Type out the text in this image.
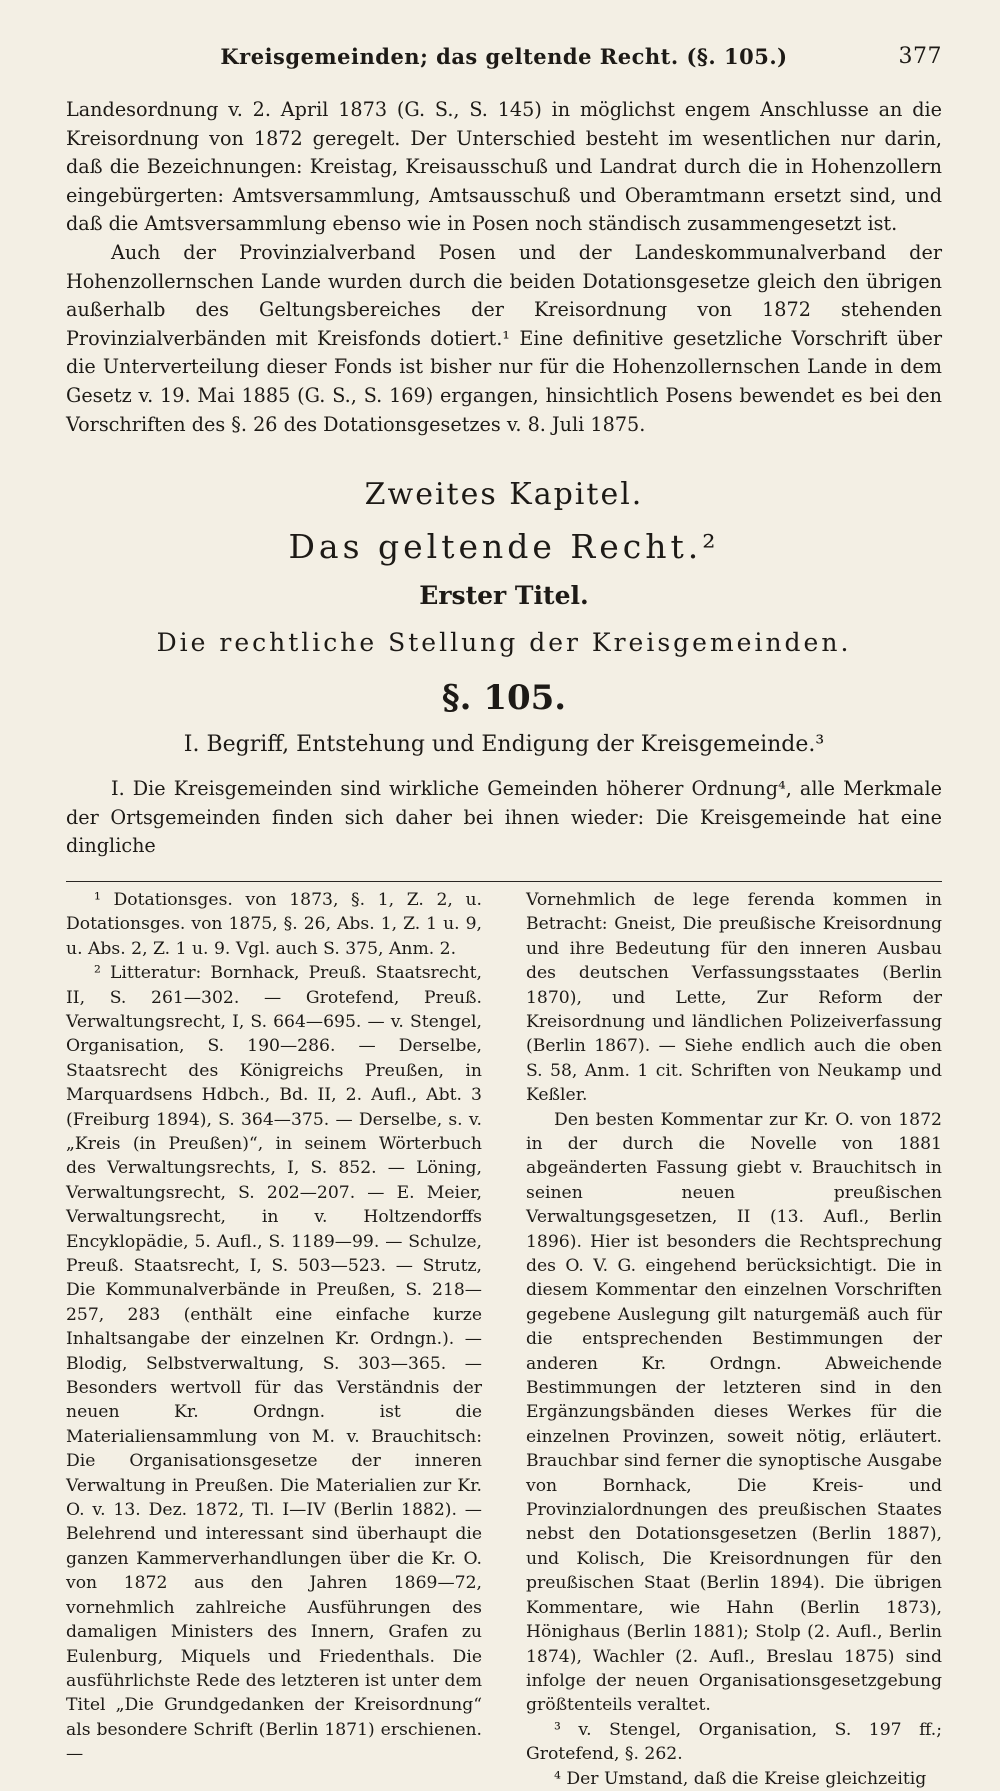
Kreisgemeinden; das geltende Recht. (§. 105.)	377

Landesordnung v. 2. April 1873 (G. S., S. 145) in möglichst engem Anschlusse an die Kreisordnung von 1872 geregelt. Der Unterschied besteht im wesentlichen nur darin, daß die Bezeichnungen: Kreistag, Kreisausschuß und Landrat durch die in Hohenzollern eingebürgerten: Amtsversammlung, Amtsausschuß und Oberamtmann ersetzt sind, und daß die Amtsversammlung ebenso wie in Posen noch ständisch zusammengesetzt ist.

Auch der Provinzialverband Posen und der Landeskommunalverband der Hohenzollernschen Lande wurden durch die beiden Dotationsgesetze gleich den übrigen außerhalb des Geltungsbereiches der Kreisordnung von 1872 stehenden Provinzialverbänden mit Kreisfonds dotiert.¹ Eine definitive gesetzliche Vorschrift über die Unterverteilung dieser Fonds ist bisher nur für die Hohenzollernschen Lande in dem Gesetz v. 19. Mai 1885 (G. S., S. 169) ergangen, hinsichtlich Posens bewendet es bei den Vorschriften des §. 26 des Dotationsgesetzes v. 8. Juli 1875.

Zweites Kapitel.
Das geltende Recht.²
Erster Titel.
Die rechtliche Stellung der Kreisgemeinden.
§. 105.
I. Begriff, Entstehung und Endigung der Kreisgemeinde.³

I. Die Kreisgemeinden sind wirkliche Gemeinden höherer Ordnung⁴, alle Merkmale der Ortsgemeinden finden sich daher bei ihnen wieder: Die Kreisgemeinde hat eine dingliche

¹ Dotationsges. von 1873, §. 1, Z. 2, u. Dotationsges. von 1875, §. 26, Abs. 1, Z. 1 u. 9, u. Abs. 2, Z. 1 u. 9. Vgl. auch S. 375, Anm. 2.

² Litteratur: Bornhack, Preuß. Staatsrecht, II, S. 261—302. — Grotefend, Preuß. Verwaltungsrecht, I, S. 664—695. — v. Stengel, Organisation, S. 190—286. — Derselbe, Staatsrecht des Königreichs Preußen, in Marquardsens Hdbch., Bd. II, 2. Aufl., Abt. 3 (Freiburg 1894), S. 364—375. — Derselbe, s. v. „Kreis (in Preußen)“, in seinem Wörterbuch des Verwaltungsrechts, I, S. 852. — Löning, Verwaltungsrecht, S. 202—207. — E. Meier, Verwaltungsrecht, in v. Holtzendorffs Encyklopädie, 5. Aufl., S. 1189—99. — Schulze, Preuß. Staatsrecht, I, S. 503—523. — Strutz, Die Kommunalverbände in Preußen, S. 218—257, 283 (enthält eine einfache kurze Inhaltsangabe der einzelnen Kr. Ordngn.). — Blodig, Selbstverwaltung, S. 303—365. — Besonders wertvoll für das Verständnis der neuen Kr. Ordngn. ist die Materialiensammlung von M. v. Brauchitsch: Die Organisationsgesetze der inneren Verwaltung in Preußen. Die Materialien zur Kr. O. v. 13. Dez. 1872, Tl. I—IV (Berlin 1882). — Belehrend und interessant sind überhaupt die ganzen Kammerverhandlungen über die Kr. O. von 1872 aus den Jahren 1869—72, vornehmlich zahlreiche Ausführungen des damaligen Ministers des Innern, Grafen zu Eulenburg, Miquels und Friedenthals. Die ausführlichste Rede des letzteren ist unter dem Titel „Die Grundgedanken der Kreisordnung“ als besondere Schrift (Berlin 1871) erschienen. —

Vornehmlich de lege ferenda kommen in Betracht: Gneist, Die preußische Kreisordnung und ihre Bedeutung für den inneren Ausbau des deutschen Verfassungsstaates (Berlin 1870), und Lette, Zur Reform der Kreisordnung und ländlichen Polizeiverfassung (Berlin 1867). — Siehe endlich auch die oben S. 58, Anm. 1 cit. Schriften von Neukamp und Keßler.

Den besten Kommentar zur Kr. O. von 1872 in der durch die Novelle von 1881 abgeänderten Fassung giebt v. Brauchitsch in seinen neuen preußischen Verwaltungsgesetzen, II (13. Aufl., Berlin 1896). Hier ist besonders die Rechtsprechung des O. V. G. eingehend berücksichtigt. Die in diesem Kommentar den einzelnen Vorschriften gegebene Auslegung gilt naturgemäß auch für die entsprechenden Bestimmungen der anderen Kr. Ordngn. Abweichende Bestimmungen der letzteren sind in den Ergänzungsbänden dieses Werkes für die einzelnen Provinzen, soweit nötig, erläutert. Brauchbar sind ferner die synoptische Ausgabe von Bornhack, Die Kreis- und Provinzialordnungen des preußischen Staates nebst den Dotationsgesetzen (Berlin 1887), und Kolisch, Die Kreisordnungen für den preußischen Staat (Berlin 1894). Die übrigen Kommentare, wie Hahn (Berlin 1873), Hönighaus (Berlin 1881); Stolp (2. Aufl., Berlin 1874), Wachler (2. Aufl., Breslau 1875) sind infolge der neuen Organisationsgesetzgebung größtenteils veraltet.

³ v. Stengel, Organisation, S. 197 ff.; Grotefend, §. 262.

⁴ Der Umstand, daß die Kreise gleichzeitig
